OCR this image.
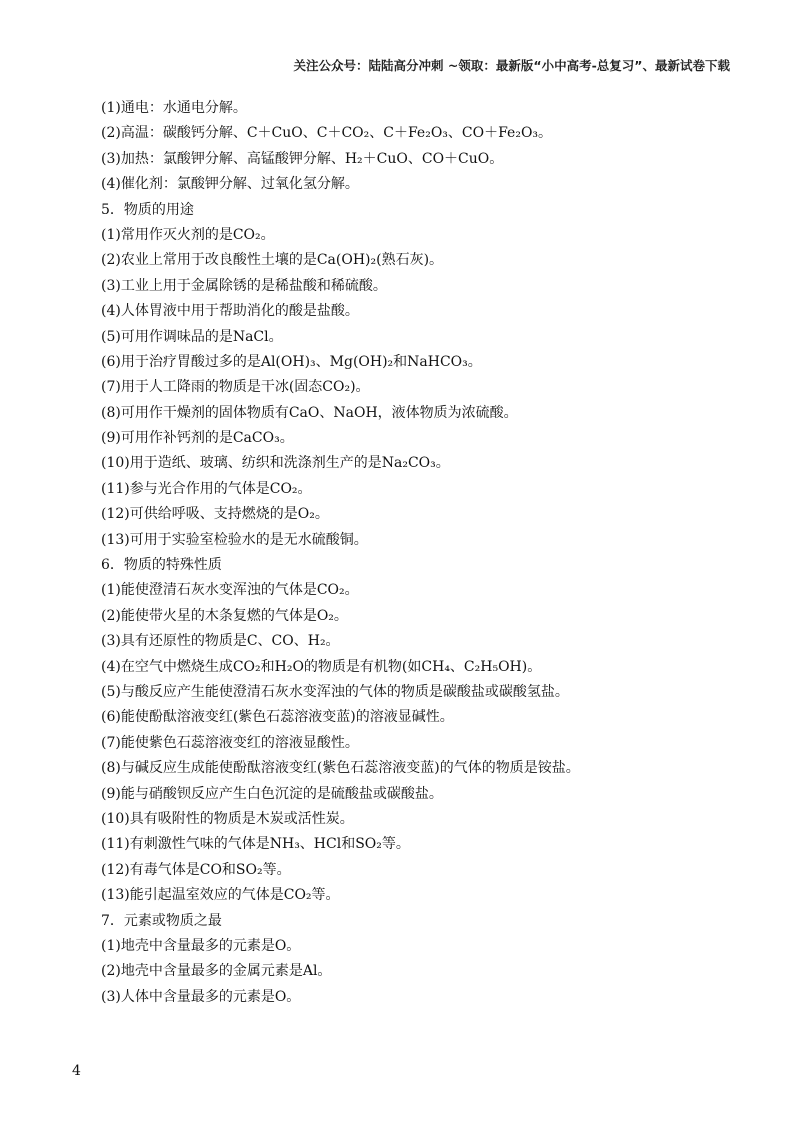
关注公众号：陆陆高分冲刺 ~领取：最新版“小中高考-总复习”、最新试卷下载
(1)通电：水通电分解。
(2)高温：碳酸钙分解、C＋CuO、C＋CO₂、C＋Fe₂O₃、CO＋Fe₂O₃。
(3)加热：氯酸钾分解、高锰酸钾分解、H₂＋CuO、CO＋CuO。
(4)催化剂：氯酸钾分解、过氧化氢分解。
5．物质的用途
(1)常用作灭火剂的是CO₂。
(2)农业上常用于改良酸性土壤的是Ca(OH)₂(熟石灰)。
(3)工业上用于金属除锈的是稀盐酸和稀硫酸。
(4)人体胃液中用于帮助消化的酸是盐酸。
(5)可用作调味品的是NaCl。
(6)用于治疗胃酸过多的是Al(OH)₃、Mg(OH)₂和NaHCO₃。
(7)用于人工降雨的物质是干冰(固态CO₂)。
(8)可用作干燥剂的固体物质有CaO、NaOH，液体物质为浓硫酸。
(9)可用作补钙剂的是CaCO₃。
(10)用于造纸、玻璃、纺织和洗涤剂生产的是Na₂CO₃。
(11)参与光合作用的气体是CO₂。
(12)可供给呼吸、支持燃烧的是O₂。
(13)可用于实验室检验水的是无水硫酸铜。
6．物质的特殊性质
(1)能使澄清石灰水变浑浊的气体是CO₂。
(2)能使带火星的木条复燃的气体是O₂。
(3)具有还原性的物质是C、CO、H₂。
(4)在空气中燃烧生成CO₂和H₂O的物质是有机物(如CH₄、C₂H₅OH)。
(5)与酸反应产生能使澄清石灰水变浑浊的气体的物质是碳酸盐或碳酸氢盐。
(6)能使酚酞溶液变红(紫色石蕊溶液变蓝)的溶液显碱性。
(7)能使紫色石蕊溶液变红的溶液显酸性。
(8)与碱反应生成能使酚酞溶液变红(紫色石蕊溶液变蓝)的气体的物质是铵盐。
(9)能与硝酸钡反应产生白色沉淀的是硫酸盐或碳酸盐。
(10)具有吸附性的物质是木炭或活性炭。
(11)有刺激性气味的气体是NH₃、HCl和SO₂等。
(12)有毒气体是CO和SO₂等。
(13)能引起温室效应的气体是CO₂等。
7．元素或物质之最
(1)地壳中含量最多的元素是O。
(2)地壳中含量最多的金属元素是Al。
(3)人体中含量最多的元素是O。
4
